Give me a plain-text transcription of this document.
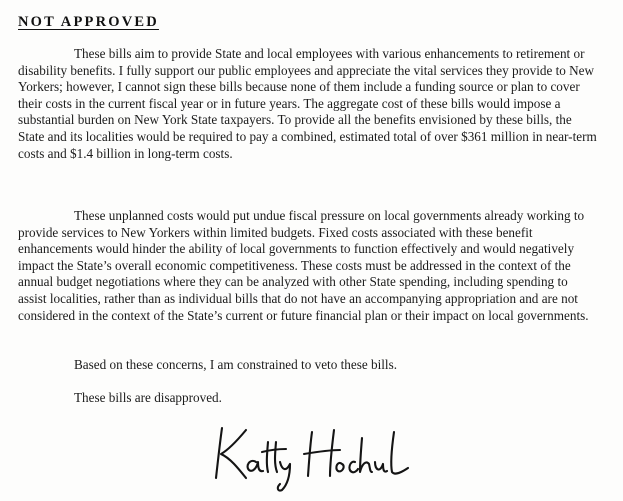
NOT APPROVED

These bills aim to provide State and local employees with various enhancements to retirement or disability benefits. I fully support our public employees and appreciate the vital services they provide to New Yorkers; however, I cannot sign these bills because none of them include a funding source or plan to cover their costs in the current fiscal year or in future years. The aggregate cost of these bills would impose a substantial burden on New York State taxpayers. To provide all the benefits envisioned by these bills, the State and its localities would be required to pay a combined, estimated total of over $361 million in near-term costs and $1.4 billion in long-term costs.

These unplanned costs would put undue fiscal pressure on local governments already working to provide services to New Yorkers within limited budgets. Fixed costs associated with these benefit enhancements would hinder the ability of local governments to function effectively and would negatively impact the State’s overall economic competitiveness. These costs must be addressed in the context of the annual budget negotiations where they can be analyzed with other State spending, including spending to assist localities, rather than as individual bills that do not have an accompanying appropriation and are not considered in the context of the State’s current or future financial plan or their impact on local governments.

Based on these concerns, I am constrained to veto these bills.

These bills are disapproved.
